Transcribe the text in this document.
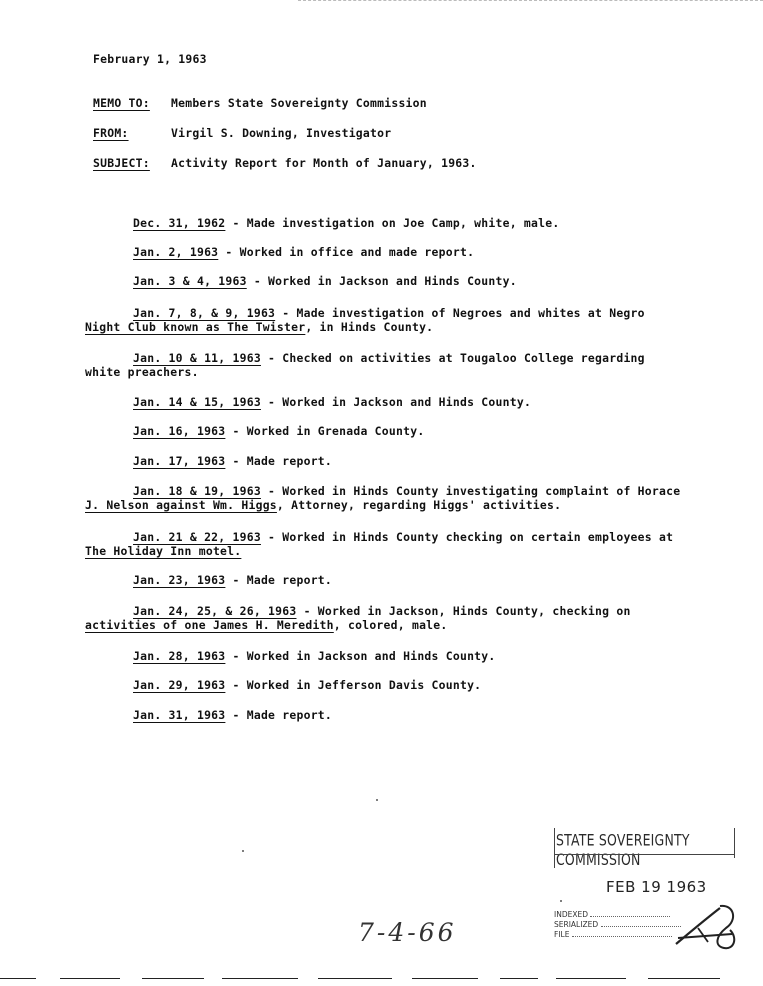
February 1, 1963
MEMO TO: Members State Sovereignty Commission
FROM:	Virgil S. Downing, Investigator
SUBJECT: Activity Report for Month of January, 1963.
Dec. 31, 1962 - Made investigation on Joe Camp, white, male.
Jan. 2, 1963 - Worked in office and made report.
Jan. 3 & 4, 1963 - Worked in Jackson and Hinds County.
Jan. 7, 8, & 9, 1963 - Made investigation of Negroes and whites at Negro
Night Club known as The Twister, in Hinds County.
Jan. 10 & 11, 1963 - Checked on activities at Tougaloo College regarding
white preachers.
Jan. 14 & 15, 1963 - Worked in Jackson and Hinds County.
Jan. 16, 1963 - Worked in Grenada County.
Jan. 17, 1963 - Made report.
Jan. 18 & 19, 1963 - Worked in Hinds County investigating complaint of Horace
J. Nelson against Wm. Higgs, Attorney, regarding Higgs' activities.
Jan. 21 & 22, 1963 - Worked in Hinds County checking on certain employees at
The Holiday Inn motel.
Jan. 23, 1963 - Made report.
Jan. 24, 25, & 26, 1963 - Worked in Jackson, Hinds County, checking on
activities of one James H. Meredith, colored, male.
Jan. 28, 1963 - Worked in Jackson and Hinds County.
Jan. 29, 1963 - Worked in Jefferson Davis County.
Jan. 31, 1963 - Made report.
STATE SOVEREIGNTY COMMISSION
FEB 19 1963
INDEXED
SERIALIZED
FILE
7-4-66
